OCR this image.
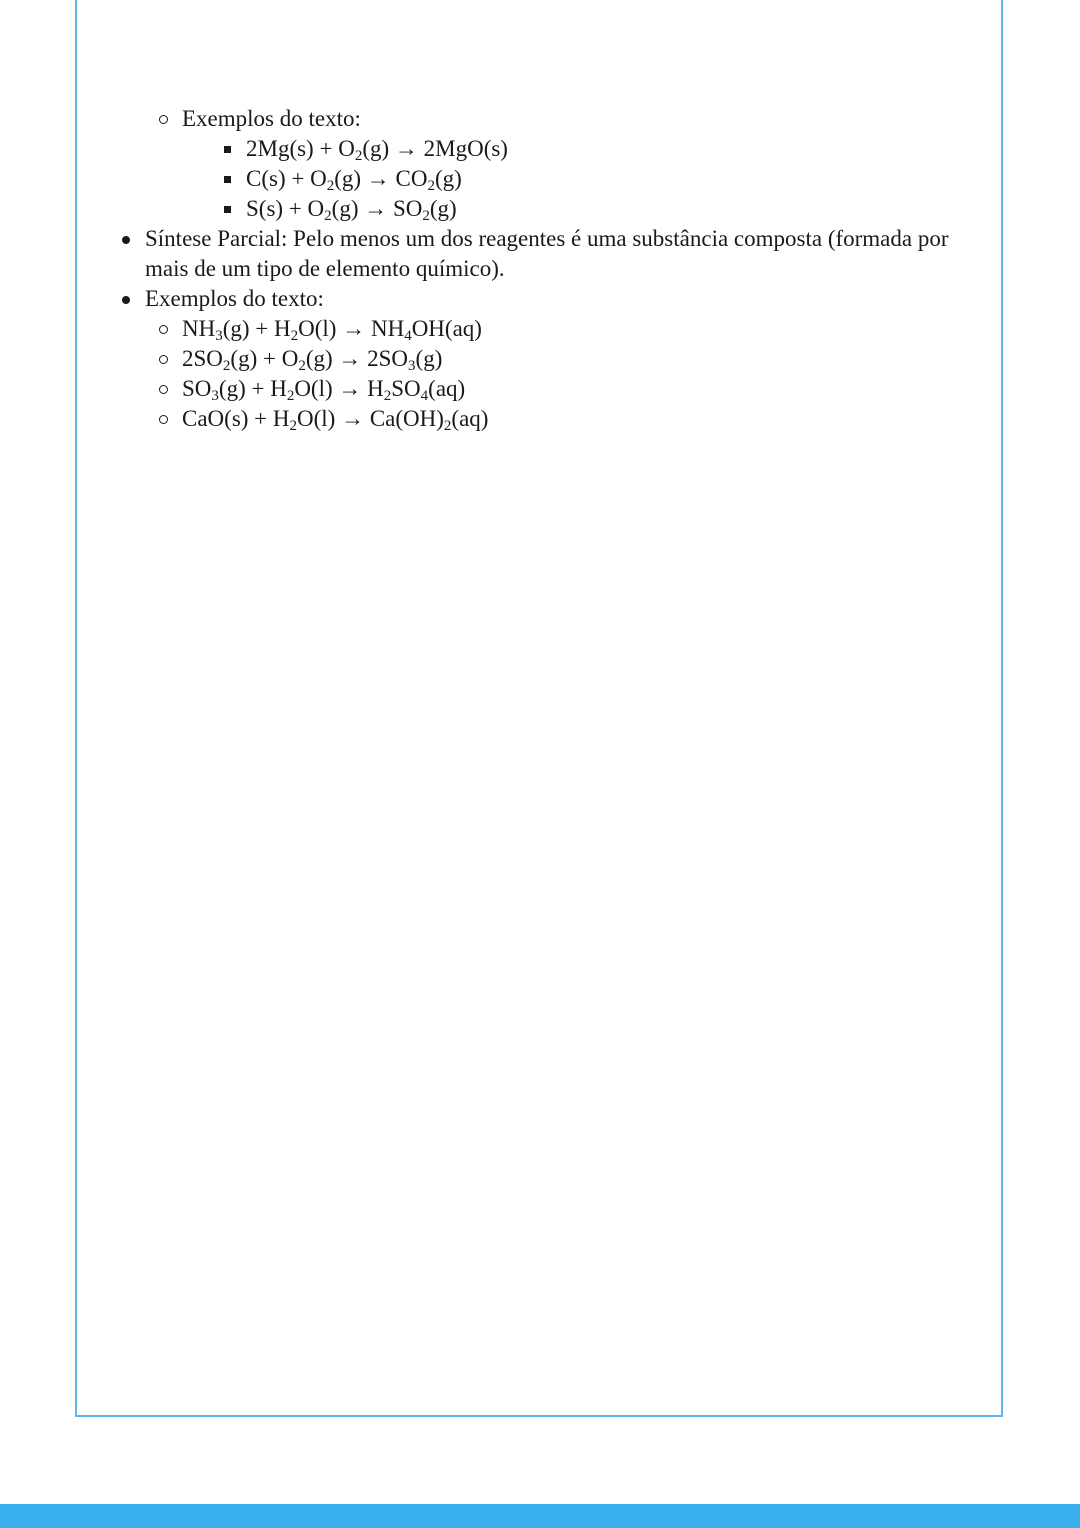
Exemplos do texto:
$2Mg(s) + O_2(g) \to 2MgO(s)$
$C(s) + O_2(g) \to CO_2(g)$
$S(s) + O_2(g) \to SO_2(g)$
Síntese Parcial: Pelo menos um dos reagentes é uma substância composta (formada por
mais de um tipo de elemento químico).
Exemplos do texto:
$NH_3(g) + H_2O(l) \to NH_4OH(aq)$
$2SO_2(g) + O_2(g) \to 2SO_3(g)$
$SO_3(g) + H_2O(l) \to H_2SO_4(aq)$
$CaO(s) + H_2O(l) \to Ca(OH)_2(aq)$
